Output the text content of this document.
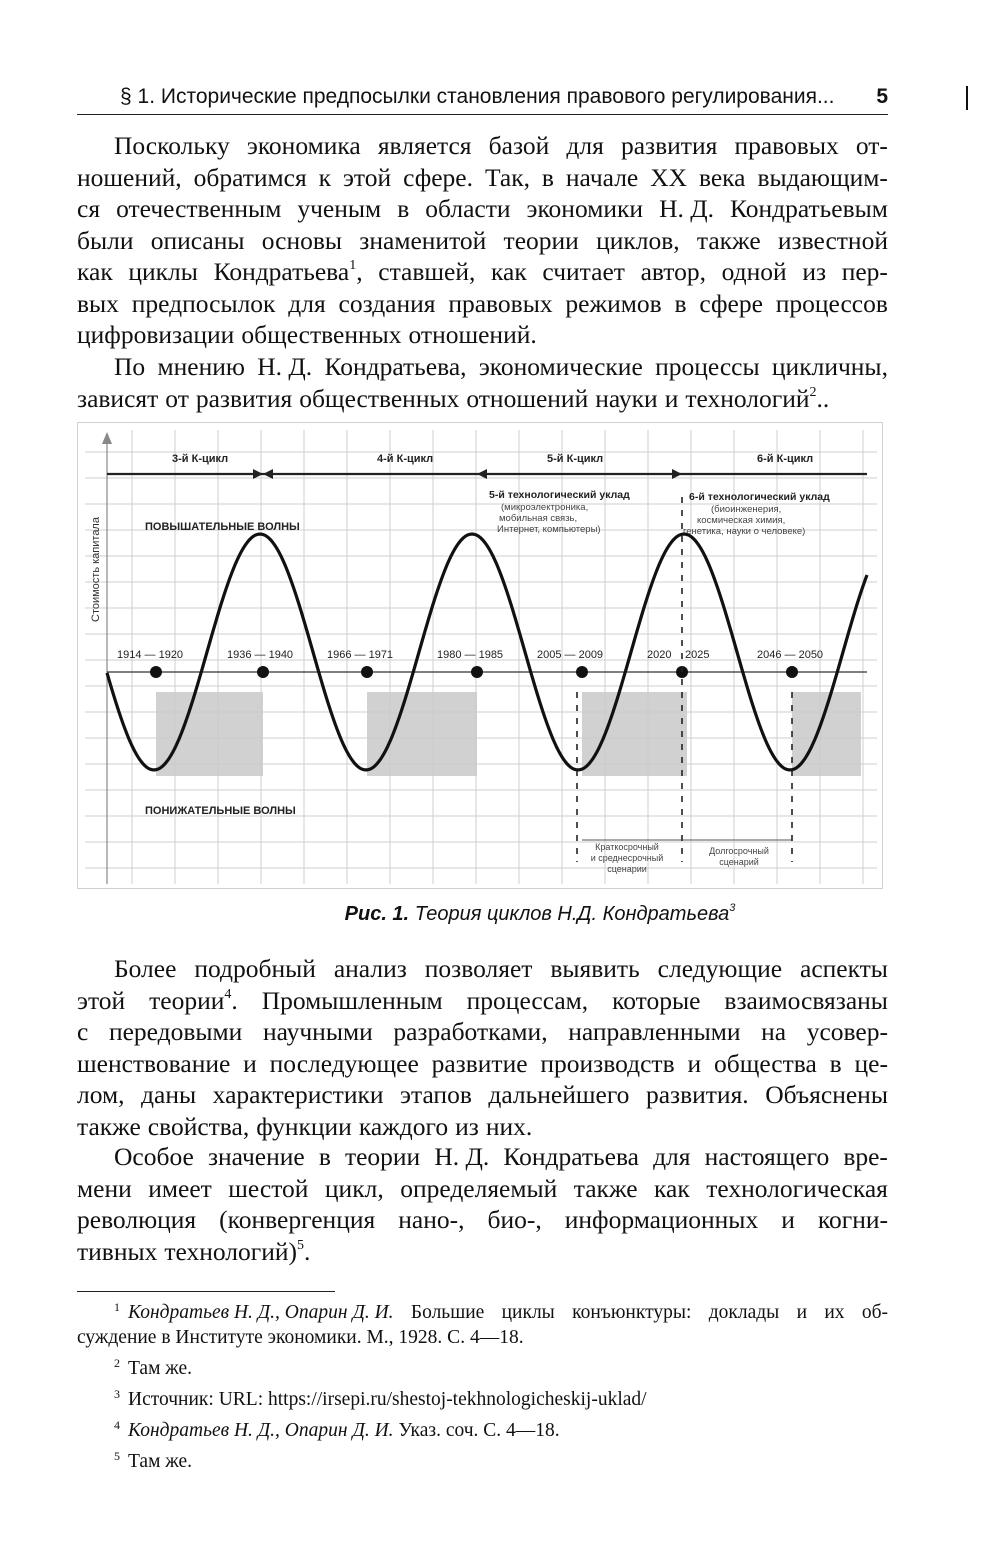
§ 1. Исторические предпосылки становления правового регулирования... 5
Поскольку экономика является базой для развития правовых от-
ношений, обратимся к этой сфере. Так, в начале XX века выдающим-
ся отечественным ученым в области экономики Н. Д. Кондратьевым
были описаны основы знаменитой теории циклов, также известной
как циклы Кондратьева$^1$, ставшей, как считает автор, одной из пер-
вых предпосылок для создания правовых режимов в сфере процессов
цифровизации общественных отношений.
По мнению Н. Д. Кондратьева, экономические процессы цикличны,
зависят от развития общественных отношений науки и технологий$^2$..
3-й К-цикл	4-й К-цикл	5-й К-цикл	6-й К-цикл
Стоимость капитала	ПОВЫШАТЕЛЬНЫЕ ВОЛНЫ
ПОНИЖАТЕЛЬНЫЕ ВОЛНЫ
5-й технологический уклад
(микроэлектроника,
мобильная связь,
Интернет, компьютеры)
6-й технологический уклад
(биоинженерия,
космическая химия,
генетика, науки о человеке)
1914 — 1920	1936 — 1940	1966 — 1971	1980 — 1985	2005 — 2009	2020 2025	2046 — 2050
Краткосрочный
и среднесрочный
сценарии
Долгосрочный
сценарий
Рис. 1. Теория циклов Н.Д. Кондратьева$^3$
Более подробный анализ позволяет выявить следующие аспекты
этой теории$^4$. Промышленным процессам, которые взаимосвязаны
с передовыми научными разработками, направленными на усовер-
шенствование и последующее развитие производств и общества в це-
лом, даны характеристики этапов дальнейшего развития. Объяснены
также свойства, функции каждого из них.
Особое значение в теории Н. Д. Кондратьева для настоящего вре-
мени имеет шестой цикл, определяемый также как технологическая
революция (конвергенция нано-, био-, информационных и когни-
тивных технологий)$^5$.
1 Кондратьев Н. Д., Опарин Д. И. Большие циклы конъюнктуры: доклады и их об-
суждение в Институте экономики. М., 1928. С. 4—18.
2 Там же.
3 Источник: URL: https://irsepi.ru/shestoj-tekhnologicheskij-uklad/
4 Кондратьев Н. Д., Опарин Д. И. Указ. соч. С. 4—18.
5 Там же.
